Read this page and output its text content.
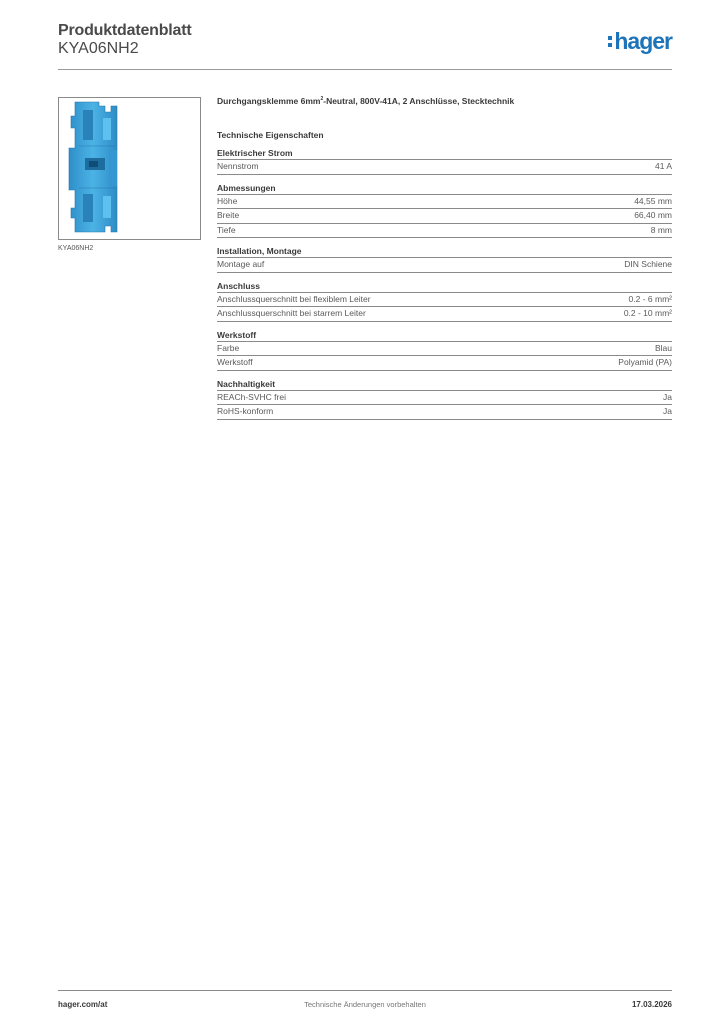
Produktdatenblatt
KYA06NH2	hager
KYA06NH2
Durchgangsklemme $6mm^2$-Neutral, 800V-41A, 2 Anschlüsse, Stecktechnik
Technische Eigenschaften
Elektrischer Strom
Nennstrom	41 A
Abmessungen
Höhe	44,55 mm
Breite	66,40 mm
Tiefe	8 mm
Installation, Montage
Montage auf	DIN Schiene
Anschluss
Anschlussquerschnitt bei flexiblem Leiter	0.2 - 6 mm²
Anschlussquerschnitt bei starrem Leiter	0.2 - 10 mm²
Werkstoff
Farbe	Blau
Werkstoff	Polyamid (PA)
Nachhaltigkeit
REACh-SVHC frei	Ja
RoHS-konform	Ja
hager.com/at	Technische Änderungen vorbehalten	17.03.2026
